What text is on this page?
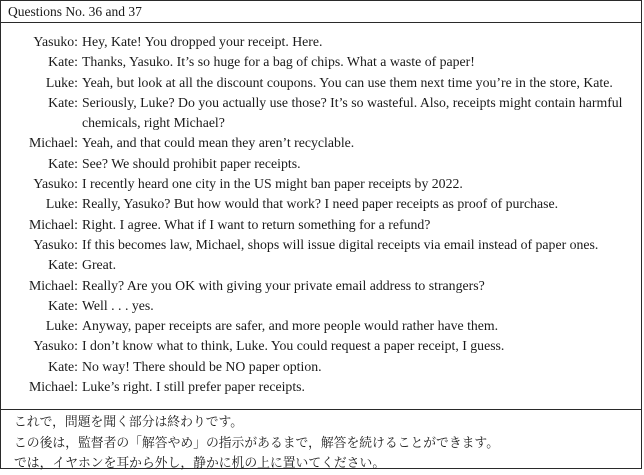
Questions No. 36 and 37
Yasuko: Hey, Kate! You dropped your receipt. Here.
Kate: Thanks, Yasuko. It’s so huge for a bag of chips. What a waste of paper!
Luke: Yeah, but look at all the discount coupons. You can use them next time you’re in the store, Kate.
Kate: Seriously, Luke? Do you actually use those? It’s so wasteful. Also, receipts might contain harmful chemicals, right Michael?
Michael: Yeah, and that could mean they aren’t recyclable.
Kate: See? We should prohibit paper receipts.
Yasuko: I recently heard one city in the US might ban paper receipts by 2022.
Luke: Really, Yasuko? But how would that work? I need paper receipts as proof of purchase.
Michael: Right. I agree. What if I want to return something for a refund?
Yasuko: If this becomes law, Michael, shops will issue digital receipts via email instead of paper ones.
Kate: Great.
Michael: Really? Are you OK with giving your private email address to strangers?
Kate: Well . . . yes.
Luke: Anyway, paper receipts are safer, and more people would rather have them.
Yasuko: I don’t know what to think, Luke. You could request a paper receipt, I guess.
Kate: No way! There should be NO paper option.
Michael: Luke’s right. I still prefer paper receipts.
これで，問題を聞く部分は終わりです。
この後は，監督者の「解答やめ」の指示があるまで，解答を続けることができます。
では，イヤホンを耳から外し，静かに机の上に置いてください。
